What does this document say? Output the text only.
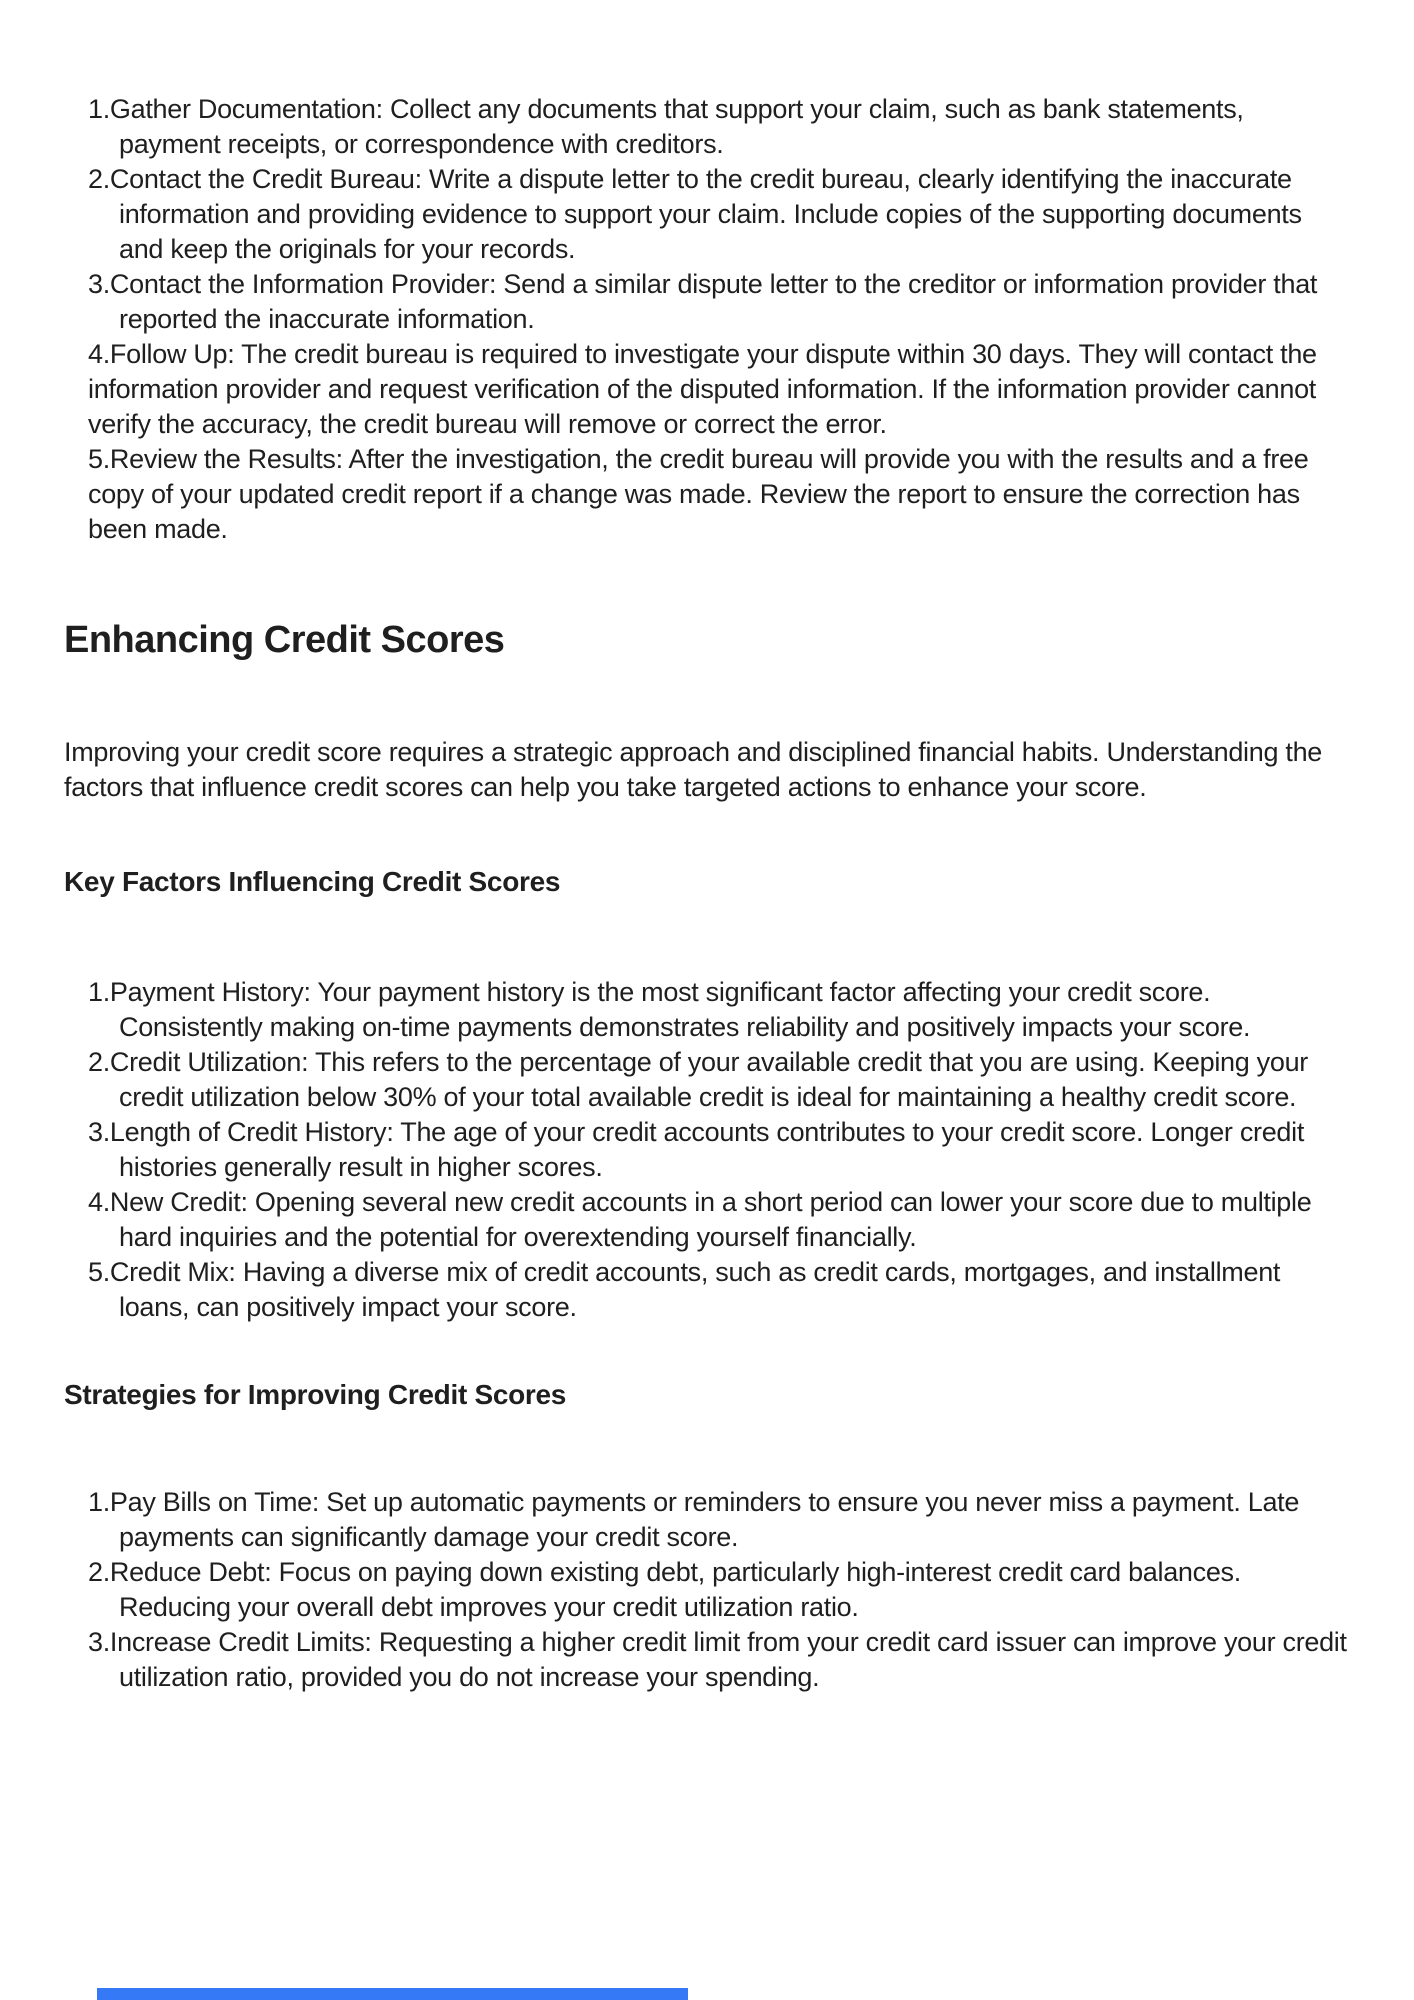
1.Gather Documentation: Collect any documents that support your claim, such as bank statements, payment receipts, or correspondence with creditors.
2.Contact the Credit Bureau: Write a dispute letter to the credit bureau, clearly identifying the inaccurate information and providing evidence to support your claim. Include copies of the supporting documents and keep the originals for your records.
3.Contact the Information Provider: Send a similar dispute letter to the creditor or information provider that reported the inaccurate information.
4.Follow Up: The credit bureau is required to investigate your dispute within 30 days. They will contact the information provider and request verification of the disputed information. If the information provider cannot verify the accuracy, the credit bureau will remove or correct the error.
5.Review the Results: After the investigation, the credit bureau will provide you with the results and a free copy of your updated credit report if a change was made. Review the report to ensure the correction has been made.
Enhancing Credit Scores

Improving your credit score requires a strategic approach and disciplined financial habits. Understanding the factors that influence credit scores can help you take targeted actions to enhance your score.

Key Factors Influencing Credit Scores
1.Payment History: Your payment history is the most significant factor affecting your credit score. Consistently making on-time payments demonstrates reliability and positively impacts your score.
2.Credit Utilization: This refers to the percentage of your available credit that you are using. Keeping your credit utilization below 30% of your total available credit is ideal for maintaining a healthy credit score.
3.Length of Credit History: The age of your credit accounts contributes to your credit score. Longer credit histories generally result in higher scores.
4.New Credit: Opening several new credit accounts in a short period can lower your score due to multiple hard inquiries and the potential for overextending yourself financially.
5.Credit Mix: Having a diverse mix of credit accounts, such as credit cards, mortgages, and installment loans, can positively impact your score.
Strategies for Improving Credit Scores
1.Pay Bills on Time: Set up automatic payments or reminders to ensure you never miss a payment. Late payments can significantly damage your credit score.
2.Reduce Debt: Focus on paying down existing debt, particularly high-interest credit card balances. Reducing your overall debt improves your credit utilization ratio.
3.Increase Credit Limits: Requesting a higher credit limit from your credit card issuer can improve your credit utilization ratio, provided you do not increase your spending.
